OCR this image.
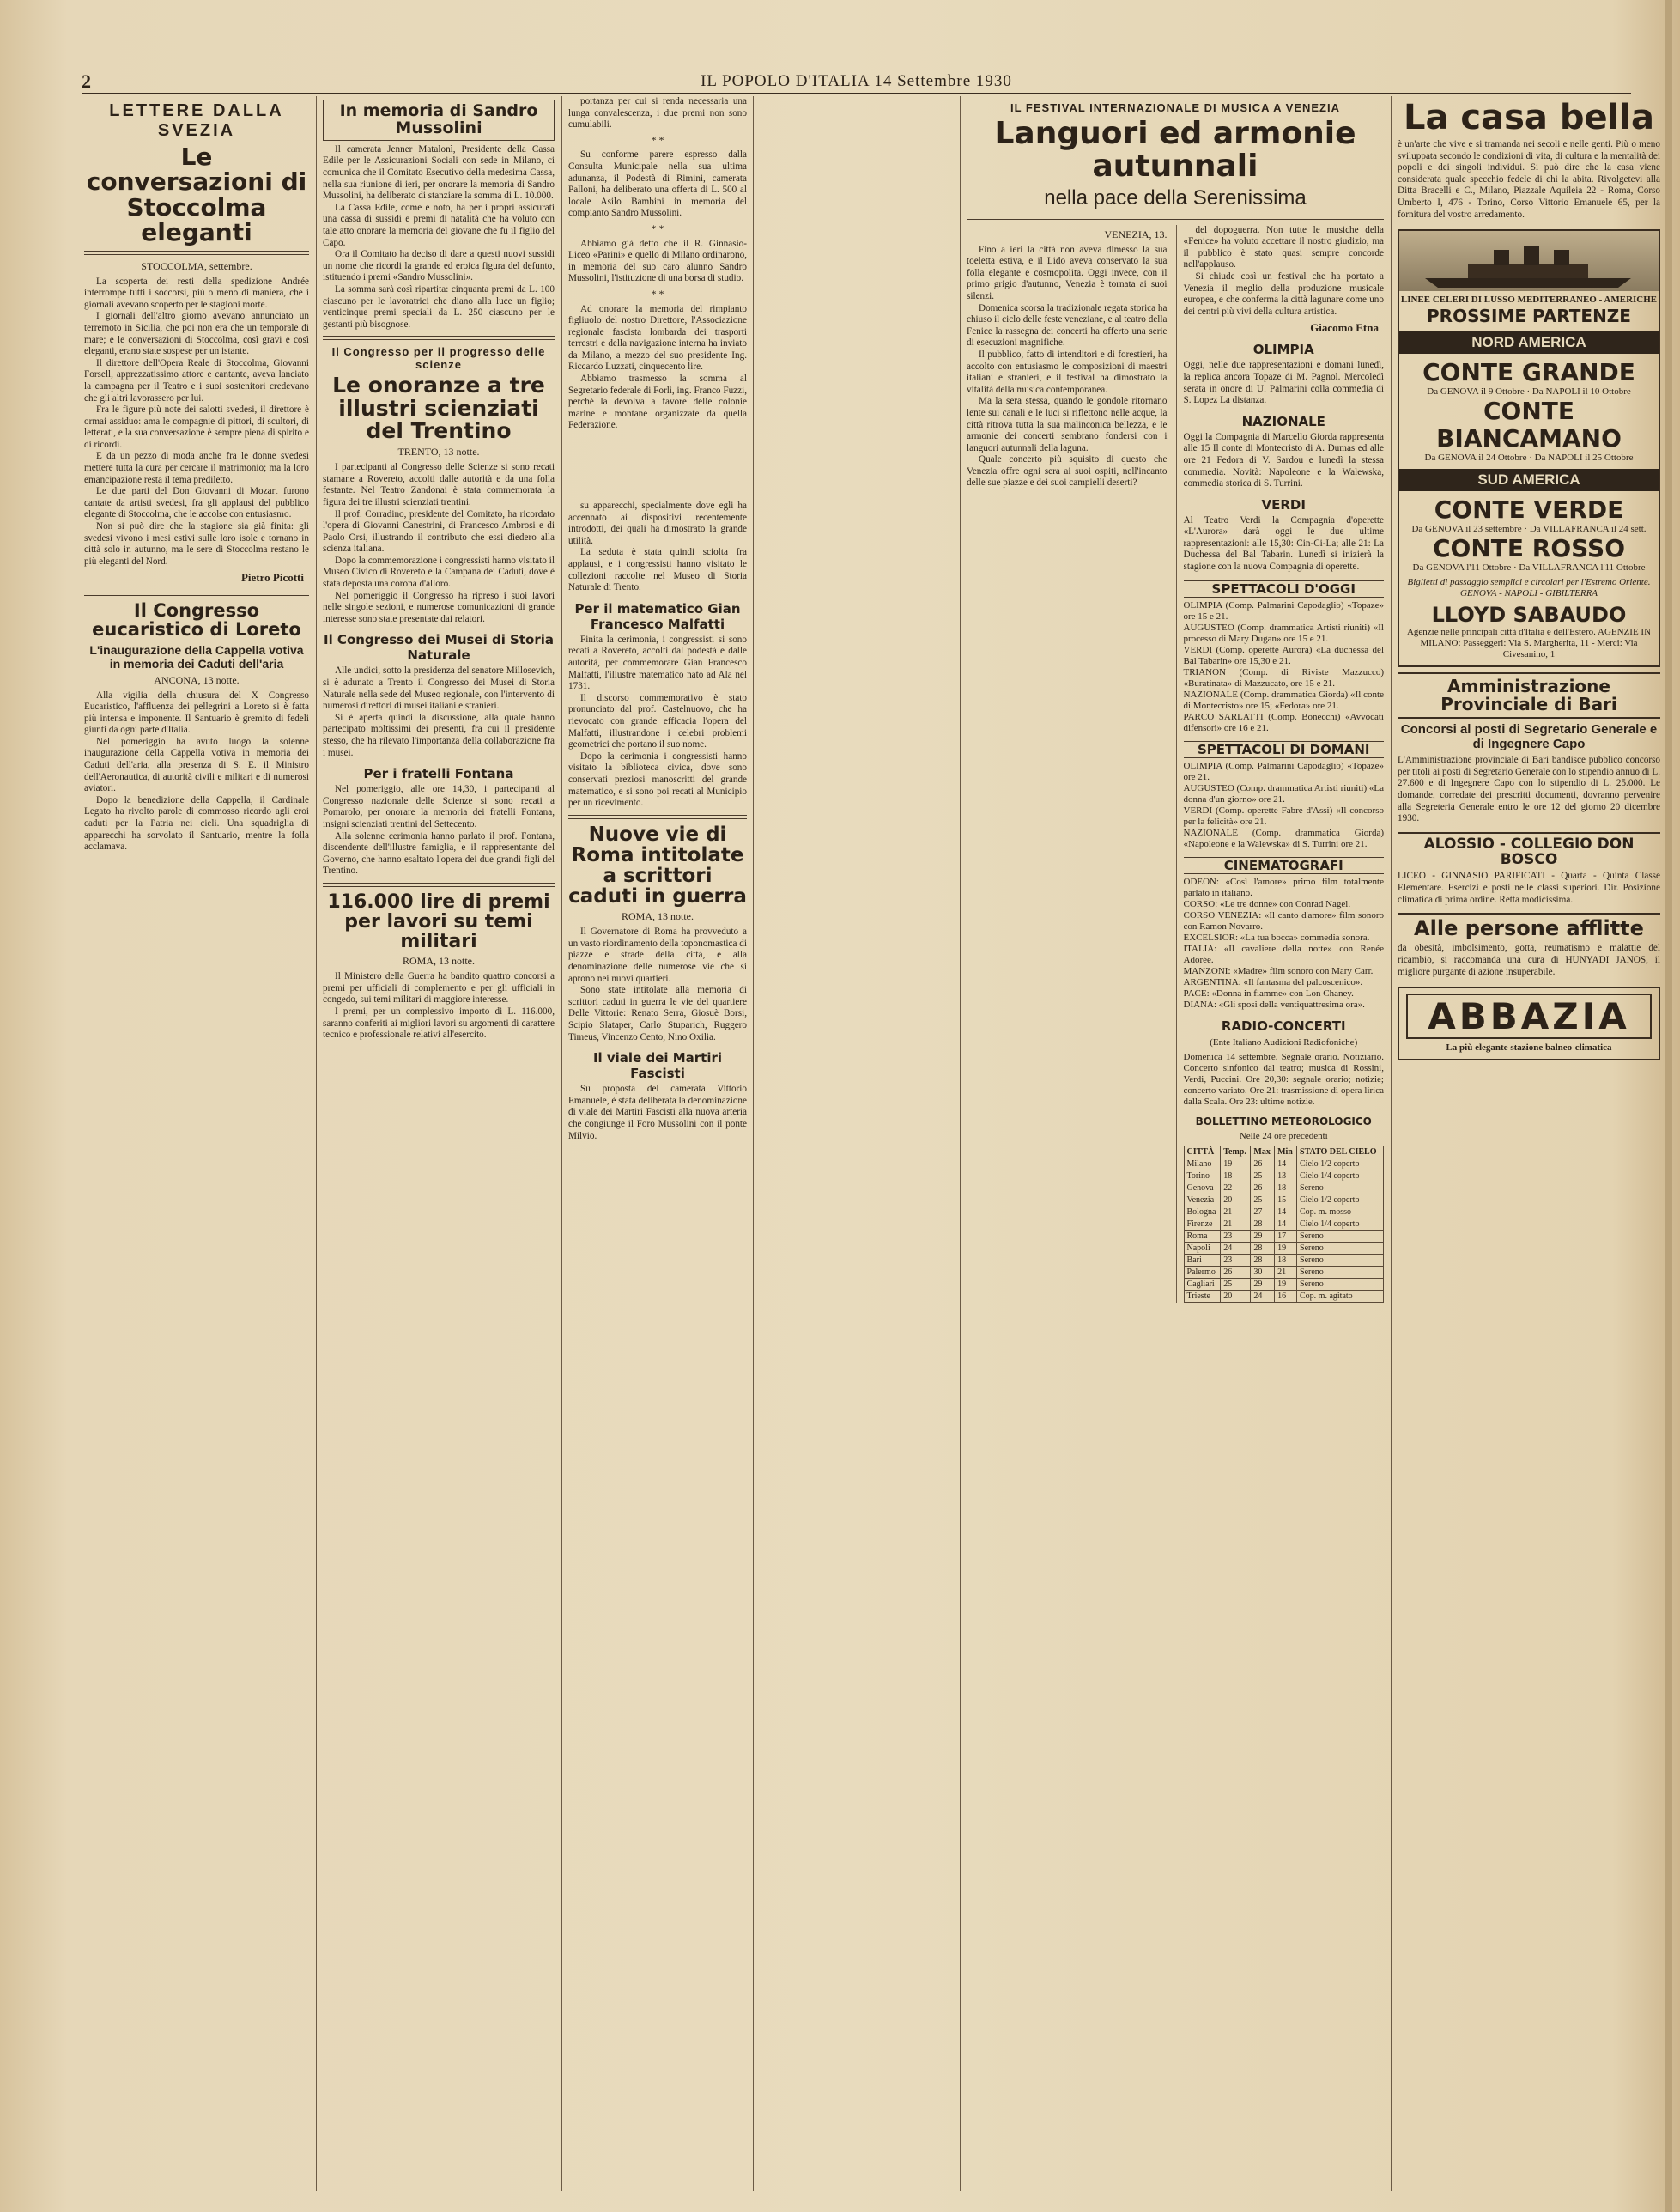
2	IL POPOLO D'ITALIA 14 Settembre 1930
LETTERE DALLA SVEZIA
Le conversazioni di Stoccolma eleganti
STOCCOLMA, settembre.

La scoperta dei resti della spedizione Andrée interrompe tutti i soccorsi, più o meno di maniera, che i giornali avevano scoperto per le stagioni morte.

I giornali dell'altro giorno avevano annunciato un terremoto in Sicilia, che poi non era che un temporale di mare; e le conversazioni di Stoccolma, così gravi e così eleganti, erano state sospese per un istante.

Il direttore dell'Opera Reale di Stoccolma, Giovanni Forsell, apprezzatissimo attore e cantante, aveva lanciato la campagna per il Teatro e i suoi sostenitori credevano che gli altri lavorassero per lui.

Fra le figure più note dei salotti svedesi, il direttore è ormai assiduo: ama le compagnie di pittori, di scultori, di letterati, e la sua conversazione è sempre piena di spirito e di ricordi.

E da un pezzo di moda anche fra le donne svedesi mettere tutta la cura per cercare il matrimonio; ma la loro emancipazione resta il tema prediletto.

Le due parti del Don Giovanni di Mozart furono cantate da artisti svedesi, fra gli applausi del pubblico elegante di Stoccolma, che le accolse con entusiasmo.

Non si può dire che la stagione sia già finita: gli svedesi vivono i mesi estivi sulle loro isole e tornano in città solo in autunno, ma le sere di Stoccolma restano le più eleganti del Nord.

Pietro Picotti
Il Congresso eucaristico di Loreto
L'inaugurazione della Cappella votiva in memoria dei Caduti dell'aria
ANCONA, 13 notte.

Alla vigilia della chiusura del X Congresso Eucaristico, l'affluenza dei pellegrini a Loreto si è fatta più intensa e imponente. Il Santuario è gremito di fedeli giunti da ogni parte d'Italia.

Nel pomeriggio ha avuto luogo la solenne inaugurazione della Cappella votiva in memoria dei Caduti dell'aria, alla presenza di S. E. il Ministro dell'Aeronautica, di autorità civili e militari e di numerosi aviatori.

Dopo la benedizione della Cappella, il Cardinale Legato ha rivolto parole di commosso ricordo agli eroi caduti per la Patria nei cieli. Una squadriglia di apparecchi ha sorvolato il Santuario, mentre la folla acclamava.

In memoria di Sandro Mussolini

Il camerata Jenner Matalonì, Presidente della Cassa Edile per le Assicurazioni Sociali con sede in Milano, ci comunica che il Comitato Esecutivo della medesima Cassa, nella sua riunione di ieri, per onorare la memoria di Sandro Mussolini, ha deliberato di stanziare la somma di L. 10.000.

La Cassa Edile, come è noto, ha per i propri assicurati una cassa di sussidi e premi di natalità che ha voluto con tale atto onorare la memoria del giovane che fu il figlio del Capo.

Ora il Comitato ha deciso di dare a questi nuovi sussidi un nome che ricordi la grande ed eroica figura del defunto, istituendo i premi «Sandro Mussolini».

La somma sarà così ripartita: cinquanta premi da L. 100 ciascuno per le lavoratrici che diano alla luce un figlio; venticinque premi speciali da L. 250 ciascuno per le gestanti più bisognose.

Il Congresso per il progresso delle scienze
Le onoranze a tre illustri scienziati del Trentino
TRENTO, 13 notte.

I partecipanti al Congresso delle Scienze si sono recati stamane a Rovereto, accolti dalle autorità e da una folla festante. Nel Teatro Zandonai è stata commemorata la figura dei tre illustri scienziati trentini.

Il prof. Corradino, presidente del Comitato, ha ricordato l'opera di Giovanni Canestrini, di Francesco Ambrosi e di Paolo Orsi, illustrando il contributo che essi diedero alla scienza italiana.

Dopo la commemorazione i congressisti hanno visitato il Museo Civico di Rovereto e la Campana dei Caduti, dove è stata deposta una corona d'alloro.

Nel pomeriggio il Congresso ha ripreso i suoi lavori nelle singole sezioni, e numerose comunicazioni di grande interesse sono state presentate dai relatori.

Il Congresso dei Musei di Storia Naturale

Alle undici, sotto la presidenza del senatore Millosevich, si è adunato a Trento il Congresso dei Musei di Storia Naturale nella sede del Museo regionale, con l'intervento di numerosi direttori di musei italiani e stranieri.

Si è aperta quindi la discussione, alla quale hanno partecipato moltissimi dei presenti, fra cui il presidente stesso, che ha rilevato l'importanza della collaborazione fra i musei.

Per i fratelli Fontana

Nel pomeriggio, alle ore 14,30, i partecipanti al Congresso nazionale delle Scienze si sono recati a Pomarolo, per onorare la memoria dei fratelli Fontana, insigni scienziati trentini del Settecento.

Alla solenne cerimonia hanno parlato il prof. Fontana, discendente dell'illustre famiglia, e il rappresentante del Governo, che hanno esaltato l'opera dei due grandi figli del Trentino.

116.000 lire di premi per lavori su temi militari
ROMA, 13 notte.

Il Ministero della Guerra ha bandito quattro concorsi a premi per ufficiali di complemento e per gli ufficiali in congedo, sui temi militari di maggiore interesse.

I premi, per un complessivo importo di L. 116.000, saranno conferiti ai migliori lavori su argomenti di carattere tecnico e professionale relativi all'esercito.

portanza per cui si renda necessaria una lunga convalescenza, i due premi non sono cumulabili.

* *

Su conforme parere espresso dalla Consulta Municipale nella sua ultima adunanza, il Podestà di Rimini, camerata Palloni, ha deliberato una offerta di L. 500 al locale Asilo Bambini in memoria del compianto Sandro Mussolini.

* *

Abbiamo già detto che il R. Ginnasio-Liceo «Parini» e quello di Milano ordinarono, in memoria del suo caro alunno Sandro Mussolini, l'istituzione di una borsa di studio.

* *

Ad onorare la memoria del rimpianto figliuolo del nostro Direttore, l'Associazione regionale fascista lombarda dei trasporti terrestri e della navigazione interna ha inviato da Milano, a mezzo del suo presidente Ing. Riccardo Luzzati, cinquecento lire.

Abbiamo trasmesso la somma al Segretario federale di Forlì, ing. Franco Fuzzi, perché la devolva a favore delle colonie marine e montane organizzate da quella Federazione.

su apparecchi, specialmente dove egli ha accennato ai dispositivi recentemente introdotti, dei quali ha dimostrato la grande utilità.

La seduta è stata quindi sciolta fra applausi, e i congressisti hanno visitato le collezioni raccolte nel Museo di Storia Naturale di Trento.

Per il matematico Gian Francesco Malfatti

Finita la cerimonia, i congressisti si sono recati a Rovereto, accolti dal podestà e dalle autorità, per commemorare Gian Francesco Malfatti, l'illustre matematico nato ad Ala nel 1731.

Il discorso commemorativo è stato pronunciato dal prof. Castelnuovo, che ha rievocato con grande efficacia l'opera del Malfatti, illustrandone i celebri problemi geometrici che portano il suo nome.

Dopo la cerimonia i congressisti hanno visitato la biblioteca civica, dove sono conservati preziosi manoscritti del grande matematico, e si sono poi recati al Municipio per un ricevimento.

Nuove vie di Roma intitolate a scrittori caduti in guerra
ROMA, 13 notte.

Il Governatore di Roma ha provveduto a un vasto riordinamento della toponomastica di piazze e strade della città, e alla denominazione delle numerose vie che si aprono nei nuovi quartieri.

Sono state intitolate alla memoria di scrittori caduti in guerra le vie del quartiere Delle Vittorie: Renato Serra, Giosuè Borsi, Scipio Slataper, Carlo Stuparich, Ruggero Timeus, Vincenzo Cento, Nino Oxilia.

Il viale dei Martiri Fascisti

Su proposta del camerata Vittorio Emanuele, è stata deliberata la denominazione di viale dei Martiri Fascisti alla nuova arteria che congiunge il Foro Mussolini con il ponte Milvio.

IL FESTIVAL INTERNAZIONALE DI MUSICA A VENEZIA
Languori ed armonie autunnali
nella pace della Serenissima
VENEZIA, 13.

Fino a ieri la città non aveva dimesso la sua toeletta estiva, e il Lido aveva conservato la sua folla elegante e cosmopolita. Oggi invece, con il primo grigio d'autunno, Venezia è tornata ai suoi silenzi.

Domenica scorsa la tradizionale regata storica ha chiuso il ciclo delle feste veneziane, e al teatro della Fenice la rassegna dei concerti ha offerto una serie di esecuzioni magnifiche.

Il pubblico, fatto di intenditori e di forestieri, ha accolto con entusiasmo le composizioni di maestri italiani e stranieri, e il festival ha dimostrato la vitalità della musica contemporanea.

Ma la sera stessa, quando le gondole ritornano lente sui canali e le luci si riflettono nelle acque, la città ritrova tutta la sua malinconica bellezza, e le armonie dei concerti sembrano fondersi con i languori autunnali della laguna.

Quale concerto più squisito di questo che Venezia offre ogni sera ai suoi ospiti, nell'incanto delle sue piazze e dei suoi campielli deserti?

del dopoguerra. Non tutte le musiche della «Fenice» ha voluto accettare il nostro giudizio, ma il pubblico è stato quasi sempre concorde nell'applauso.

Si chiude così un festival che ha portato a Venezia il meglio della produzione musicale europea, e che conferma la città lagunare come uno dei centri più vivi della cultura artistica.

Giacomo Etna
OLIMPIA
Oggi, nelle due rappresentazioni e domani lunedì, la replica ancora Topaze di M. Pagnol. Mercoledì serata in onore di U. Palmarini colla commedia di S. Lopez La distanza.
NAZIONALE
Oggi la Compagnia di Marcello Giorda rappresenta alle 15 Il conte di Montecristo di A. Dumas ed alle ore 21 Fedora di V. Sardou e lunedì la stessa commedia. Novità: Napoleone e la Walewska, commedia storica di S. Turrini.
VERDI
Al Teatro Verdi la Compagnia d'operette «L'Aurora» darà oggi le due ultime rappresentazioni: alle 15,30: Cin-Ci-La; alle 21: La Duchessa del Bal Tabarin. Lunedì si inizierà la stagione con la nuova Compagnia di operette.
SPETTACOLI D'OGGI
OLIMPIA (Comp. Palmarini Capodaglio) «Topaze» ore 15 e 21.
AUGUSTEO (Comp. drammatica Artisti riuniti) «Il processo di Mary Dugan» ore 15 e 21.
VERDI (Comp. operette Aurora) «La duchessa del Bal Tabarin» ore 15,30 e 21.
TRIANON (Comp. di Riviste Mazzucco) «Buratinata» di Mazzucato, ore 15 e 21.
NAZIONALE (Comp. drammatica Giorda) «Il conte di Montecristo» ore 15; «Fedora» ore 21.
PARCO SARLATTI (Comp. Bonecchi) «Avvocati difensori» ore 16 e 21.
SPETTACOLI DI DOMANI
OLIMPIA (Comp. Palmarini Capodaglio) «Topaze» ore 21.
AUGUSTEO (Comp. drammatica Artisti riuniti) «La donna d'un giorno» ore 21.
VERDI (Comp. operette Fabre d'Assi) «Il concorso per la felicità» ore 21.
NAZIONALE (Comp. drammatica Giorda) «Napoleone e la Walewska» di S. Turrini ore 21.
CINEMATOGRAFI
ODEON: «Così l'amore» primo film totalmente parlato in italiano.
CORSO: «Le tre donne» con Conrad Nagel.
CORSO VENEZIA: «Il canto d'amore» film sonoro con Ramon Novarro.
EXCELSIOR: «La tua bocca» commedia sonora.
ITALIA: «Il cavaliere della notte» con Renée Adorée.
MANZONI: «Madre» film sonoro con Mary Carr.
ARGENTINA: «Il fantasma del palcoscenico».
PACE: «Donna in fiamme» con Lon Chaney.
DIANA: «Gli sposi della ventiquattresima ora».
RADIO-CONCERTI
(Ente Italiano Audizioni Radiofoniche)
Domenica 14 settembre. Segnale orario. Notiziario. Concerto sinfonico dal teatro; musica di Rossini, Verdi, Puccini. Ore 20,30: segnale orario; notizie; concerto variato. Ore 21: trasmissione di opera lirica dalla Scala. Ore 23: ultime notizie.
BOLLETTINO METEOROLOGICO
Nelle 24 ore precedenti
CITTÀ	Temp.	Max	Min	STATO DEL CIELO
Milano	19	26	14	Cielo 1/2 coperto
Torino	18	25	13	Cielo 1/4 coperto
Genova	22	26	18	Sereno
Venezia	20	25	15	Cielo 1/2 coperto
Bologna	21	27	14	Cop. m. mosso
Firenze	21	28	14	Cielo 1/4 coperto
Roma	23	29	17	Sereno
Napoli	24	28	19	Sereno
Bari	23	28	18	Sereno
Palermo	26	30	21	Sereno
Cagliari	25	29	19	Sereno
Trieste	20	24	16	Cop. m. agitato
La casa bella
è un'arte che vive e si tramanda nei secoli e nelle genti. Più o meno sviluppata secondo le condizioni di vita, di cultura e la mentalità dei popoli e dei singoli individui. Si può dire che la casa viene considerata quale specchio fedele di chi la abita. Rivolgetevi alla Ditta Bracelli e C., Milano, Piazzale Aquileia 22 - Roma, Corso Umberto I, 476 - Torino, Corso Vittorio Emanuele 65, per la fornitura del vostro arredamento.
LINEE CELERI DI LUSSO MEDITERRANEO - AMERICHE
PROSSIME PARTENZE
NORD AMERICA
CONTE GRANDE
Da GENOVA il 9 Ottobre · Da NAPOLI il 10 Ottobre
CONTE BIANCAMANO
Da GENOVA il 24 Ottobre · Da NAPOLI il 25 Ottobre
SUD AMERICA
CONTE VERDE
Da GENOVA il 23 settembre · Da VILLAFRANCA il 24 sett.
CONTE ROSSO
Da GENOVA l'11 Ottobre · Da VILLAFRANCA l'11 Ottobre
Biglietti di passaggio semplici e circolari per l'Estremo Oriente. GENOVA - NAPOLI - GIBILTERRA
LLOYD SABAUDO
Agenzie nelle principali città d'Italia e dell'Estero. AGENZIE IN MILANO: Passeggeri: Via S. Margherita, 11 - Merci: Via Civesanino, 1
Amministrazione Provinciale di Bari
Concorsi al posti di Segretario Generale e di Ingegnere Capo
L'Amministrazione provinciale di Bari bandisce pubblico concorso per titoli ai posti di Segretario Generale con lo stipendio annuo di L. 27.600 e di Ingegnere Capo con lo stipendio di L. 25.000. Le domande, corredate dei prescritti documenti, dovranno pervenire alla Segreteria Generale entro le ore 12 del giorno 20 dicembre 1930.
ALOSSIO - COLLEGIO DON BOSCO
LICEO - GINNASIO PARIFICATI - Quarta - Quinta Classe Elementare. Esercizi e posti nelle classi superiori. Dir. Posizione climatica di prima ordine. Retta modicissima.
Alle persone afflitte
da obesità, imbolsimento, gotta, reumatismo e malattie del ricambio, si raccomanda una cura di HUNYADI JANOS, il migliore purgante di azione insuperabile.
ABBAZIA
La più elegante stazione balneo-climatica
